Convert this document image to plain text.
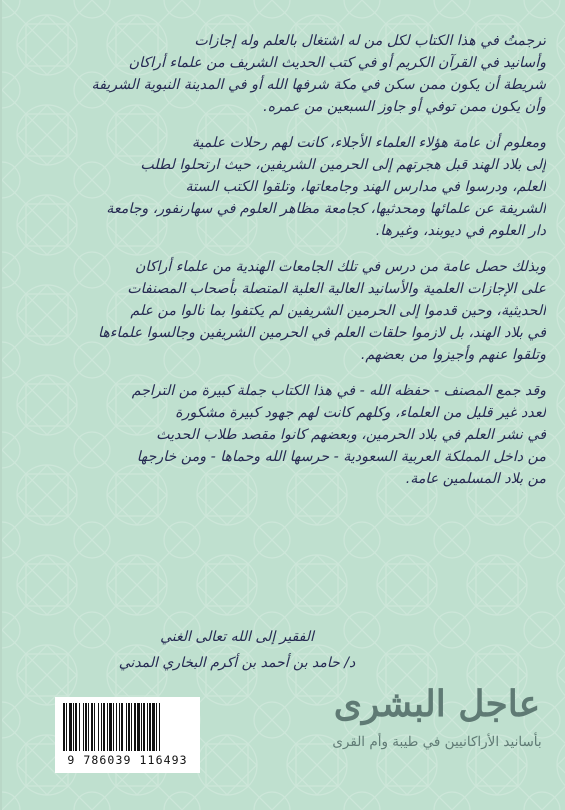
ترجمتُ في هذا الكتاب لكل من له اشتغال بالعلم وله إجازات
وأسانيد في القرآن الكريم أو في كتب الحديث الشريف من علماء أراكان
شريطة أن يكون ممن سكن في مكة شرفها الله أو في المدينة النبوية الشريفة
وأن يكون ممن توفي أو جاوز السبعين من عمره.

ومعلوم أن عامة هؤلاء العلماء الأجلاء، كانت لهم رحلات علمية
إلى بلاد الهند قبل هجرتهم إلى الحرمين الشريفين، حيث ارتحلوا لطلب
العلم، ودرسوا في مدارس الهند وجامعاتها، وتلقوا الكتب الستة
الشريفة عن علمائها ومحدثيها، كجامعة مظاهر العلوم في سهارنفور، وجامعة
دار العلوم في ديوبند، وغيرها.

وبذلك حصل عامة من درس في تلك الجامعات الهندية من علماء أراكان
على الإجازات العلمية والأسانيد العالية العلية المتصلة بأصحاب المصنفات
الحديثية، وحين قدموا إلى الحرمين الشريفين لم يكتفوا بما نالوا من علم
في بلاد الهند، بل لازموا حلقات العلم في الحرمين الشريفين وجالسوا علماءها
وتلقوا عنهم وأجيزوا من بعضهم.

وقد جمع المصنف - حفظه الله - في هذا الكتاب جملة كبيرة من التراجم
لعدد غير قليل من العلماء، وكلهم كانت لهم جهود كبيرة مشكورة
في نشر العلم في بلاد الحرمين، وبعضهم كانوا مقصد طلاب الحديث
من داخل المملكة العربية السعودية - حرسها الله وحماها - ومن خارجها
من بلاد المسلمين عامة.

الفقير إلى الله تعالى الغني
د/ حامد بن أحمد بن أكرم البخاري المدني
9 786039 116493
عاجل البشرى
بأسانيد الأراكانيين في طيبة وأم القرى
